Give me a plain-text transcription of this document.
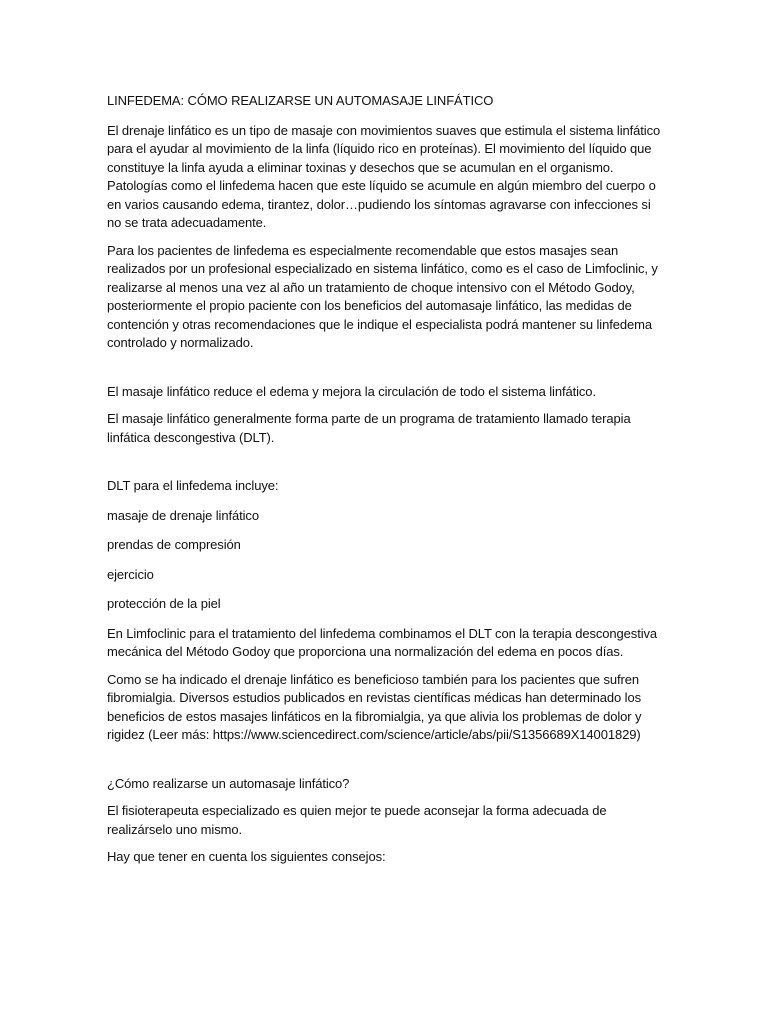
LINFEDEMA: CÓMO REALIZARSE UN AUTOMASAJE LINFÁTICO

El drenaje linfático es un tipo de masaje con movimientos suaves que estimula el sistema linfático para el ayudar al movimiento de la linfa (líquido rico en proteínas). El movimiento del líquido que constituye la linfa ayuda a eliminar toxinas y desechos que se acumulan en el organismo. Patologías como el linfedema hacen que este líquido se acumule en algún miembro del cuerpo o en varios causando edema, tirantez, dolor…pudiendo los síntomas agravarse con infecciones si no se trata adecuadamente.

Para los pacientes de linfedema es especialmente recomendable que estos masajes sean realizados por un profesional especializado en sistema linfático, como es el caso de Limfoclinic, y realizarse al menos una vez al año un tratamiento de choque intensivo con el Método Godoy, posteriormente el propio paciente con los beneficios del automasaje linfático, las medidas de contención y otras recomendaciones que le indique el especialista podrá mantener su linfedema controlado y normalizado.

El masaje linfático reduce el edema y mejora la circulación de todo el sistema linfático.

El masaje linfático generalmente forma parte de un programa de tratamiento llamado terapia linfática descongestiva (DLT).

DLT para el linfedema incluye:

masaje de drenaje linfático

prendas de compresión

ejercicio

protección de la piel

En Limfoclinic para el tratamiento del linfedema combinamos el DLT con la terapia descongestiva mecánica del Método Godoy que proporciona una normalización del edema en pocos días.

Como se ha indicado el drenaje linfático es beneficioso también para los pacientes que sufren fibromialgia. Diversos estudios publicados en revistas científicas médicas han determinado los beneficios de estos masajes linfáticos en la fibromialgia, ya que alivia los problemas de dolor y rigidez (Leer más: https://www.sciencedirect.com/science/article/abs/pii/S1356689X14001829)

¿Cómo realizarse un automasaje linfático?

El fisioterapeuta especializado es quien mejor te puede aconsejar la forma adecuada de realizárselo uno mismo.

Hay que tener en cuenta los siguientes consejos:
